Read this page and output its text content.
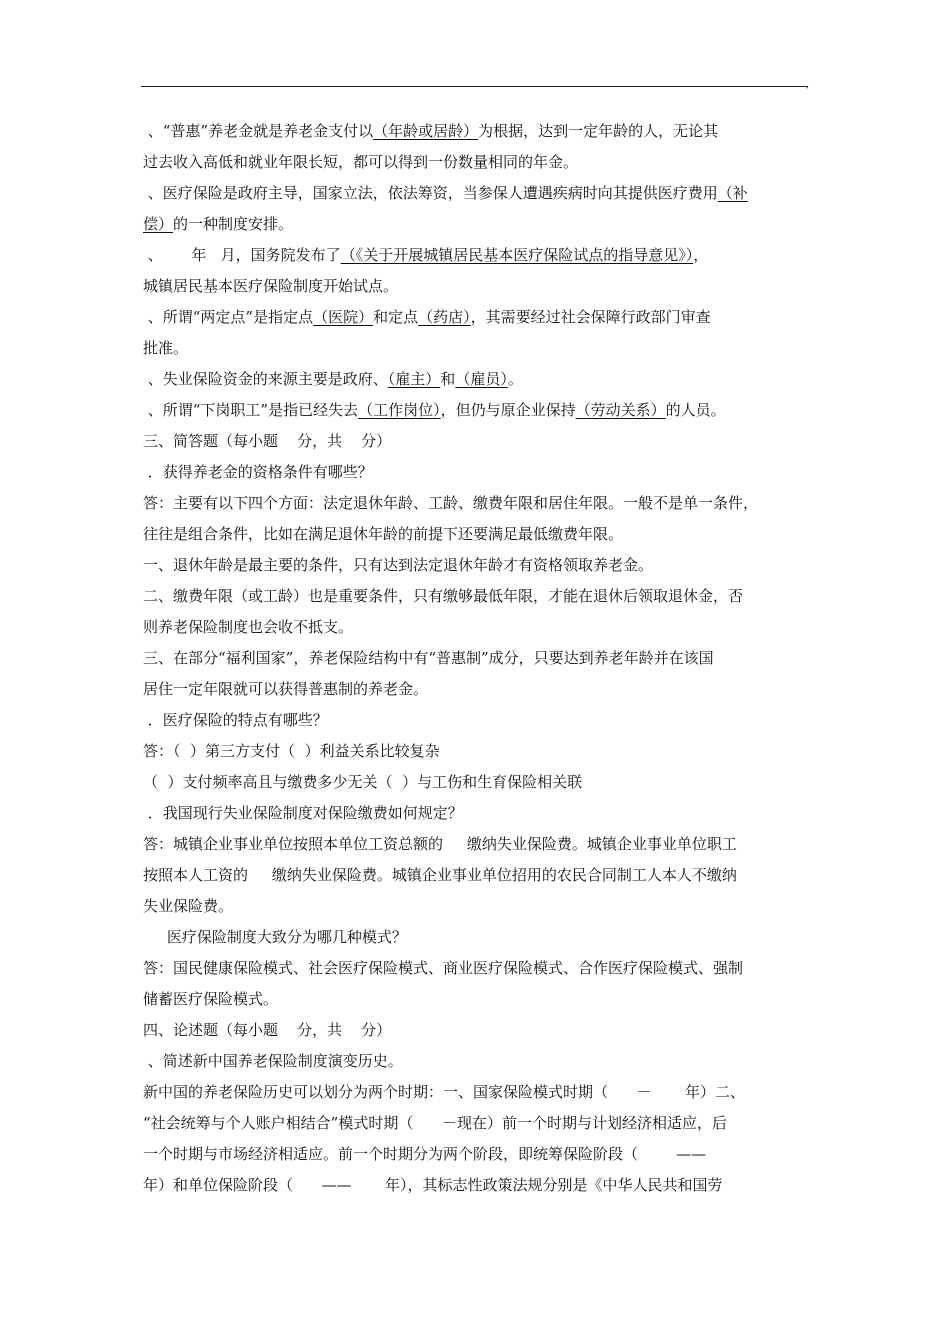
,
、“普惠”养老金就是养老金支付以（年龄或居龄）为根据，达到一定年龄的人，无论其
过去收入高低和就业年限长短，都可以得到一份数量相同的年金。
、医疗保险是政府主导，国家立法，依法筹资，当参保人遭遇疾病时向其提供医疗费用（补
偿）的一种制度安排。
、      年   月，国务院发布了（《关于开展城镇居民基本医疗保险试点的指导意见》），
城镇居民基本医疗保险制度开始试点。
、所谓“两定点”是指定点（医院）和定点（药店），其需要经过社会保障行政部门审查
批准。
、失业保险资金的来源主要是政府、（雇主）和（雇员）。
、所谓“下岗职工”是指已经失去（工作岗位），但仍与原企业保持（劳动关系）的人员。
三、简答题（每小题    分，共    分）
．获得养老金的资格条件有哪些？
答：主要有以下四个方面：法定退休年龄、工龄、缴费年限和居住年限。一般不是单一条件，
往往是组合条件，比如在满足退休年龄的前提下还要满足最低缴费年限。
一、退休年龄是最主要的条件，只有达到法定退休年龄才有资格领取养老金。
二、缴费年限（或工龄）也是重要条件，只有缴够最低年限，才能在退休后领取退休金，否
则养老保险制度也会收不抵支。
三、在部分“福利国家”，养老保险结构中有“普惠制”成分，只要达到养老年龄并在该国
居住一定年限就可以获得普惠制的养老金。
．医疗保险的特点有哪些？
答：（  ）第三方支付（  ）利益关系比较复杂
（  ）支付频率高且与缴费多少无关（  ）与工伤和生育保险相关联
．我国现行失业保险制度对保险缴费如何规定？
答：城镇企业事业单位按照本单位工资总额的     缴纳失业保险费。城镇企业事业单位职工
按照本人工资的     缴纳失业保险费。城镇企业事业单位招用的农民合同制工人本人不缴纳
失业保险费。
医疗保险制度大致分为哪几种模式？
答：国民健康保险模式、社会医疗保险模式、商业医疗保险模式、合作医疗保险模式、强制
储蓄医疗保险模式。
四、论述题（每小题    分，共    分）
、简述新中国养老保险制度演变历史。
新中国的养老保险历史可以划分为两个时期：一、国家保险模式时期（      －       年）二、
“社会统筹与个人账户相结合”模式时期（      －现在）前一个时期与计划经济相适应，后
一个时期与市场经济相适应。前一个时期分为两个阶段，即统筹保险阶段（        ——
年）和单位保险阶段（      ——       年），其标志性政策法规分别是《中华人民共和国劳
